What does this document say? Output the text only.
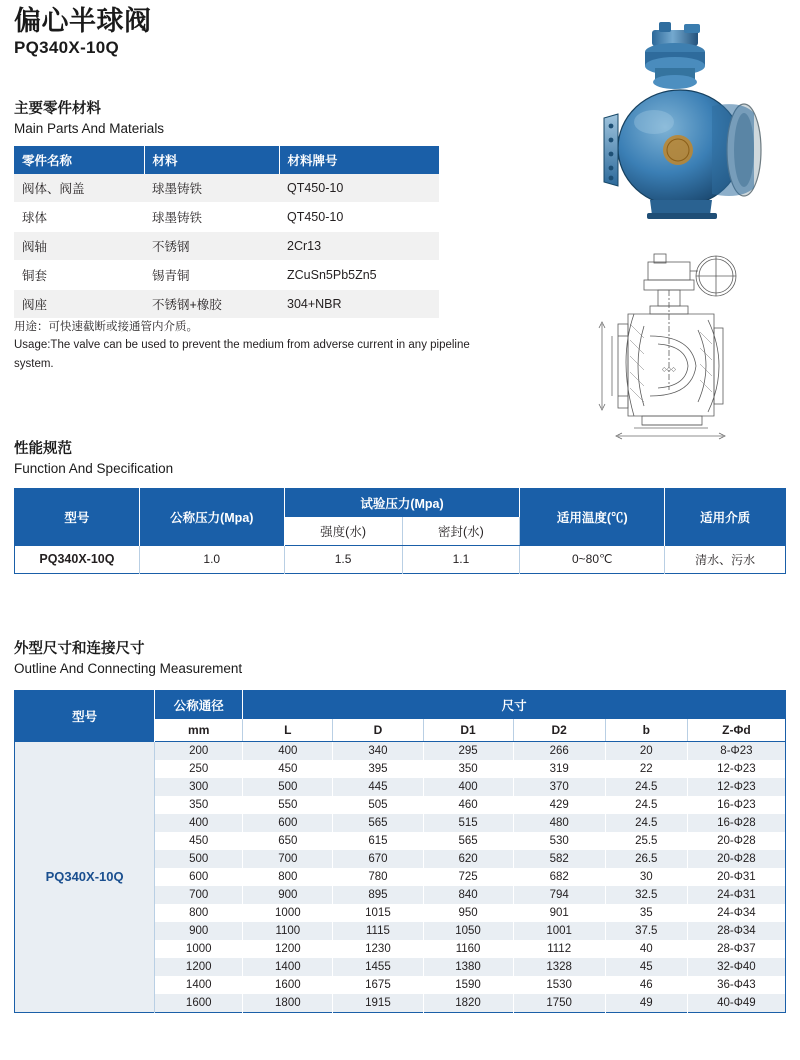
偏心半球阀
PQ340X-10Q
◇◇◇
主要零件材料
Main Parts And Materials
零件名称	材料	材料牌号
阀体、阀盖	球墨铸铁	QT450-10
球体	球墨铸铁	QT450-10
阀轴	不锈钢	2Cr13
铜套	锡青铜	ZCuSn5Pb5Zn5
阀座	不锈钢+橡胶	304+NBR
用途：可快速截断或接通管内介质。
Usage:The valve can be used to prevent the medium from adverse current in any pipeline system.
性能规范
Function And Specification
型号	公称压力(Mpa)	试验压力(Mpa)		适用温度(℃)	适用介质
		强度(水)	密封(水)		
PQ340X-10Q	1.0	1.5	1.1	0~80℃	清水、污水
外型尺寸和连接尺寸
Outline And Connecting Measurement
型号	公称通径	尺寸					
	mm	L	D	D1	D2	b	Z-Φd
PQ340X-10Q	200	400	340	295	266	20	8-Φ23
	250	450	395	350	319	22	12-Φ23
	300	500	445	400	370	24.5	12-Φ23
	350	550	505	460	429	24.5	16-Φ23
	400	600	565	515	480	24.5	16-Φ28
	450	650	615	565	530	25.5	20-Φ28
	500	700	670	620	582	26.5	20-Φ28
	600	800	780	725	682	30	20-Φ31
	700	900	895	840	794	32.5	24-Φ31
	800	1000	1015	950	901	35	24-Φ34
	900	1100	1115	1050	1001	37.5	28-Φ34
	1000	1200	1230	1160	1112	40	28-Φ37
	1200	1400	1455	1380	1328	45	32-Φ40
	1400	1600	1675	1590	1530	46	36-Φ43
	1600	1800	1915	1820	1750	49	40-Φ49
